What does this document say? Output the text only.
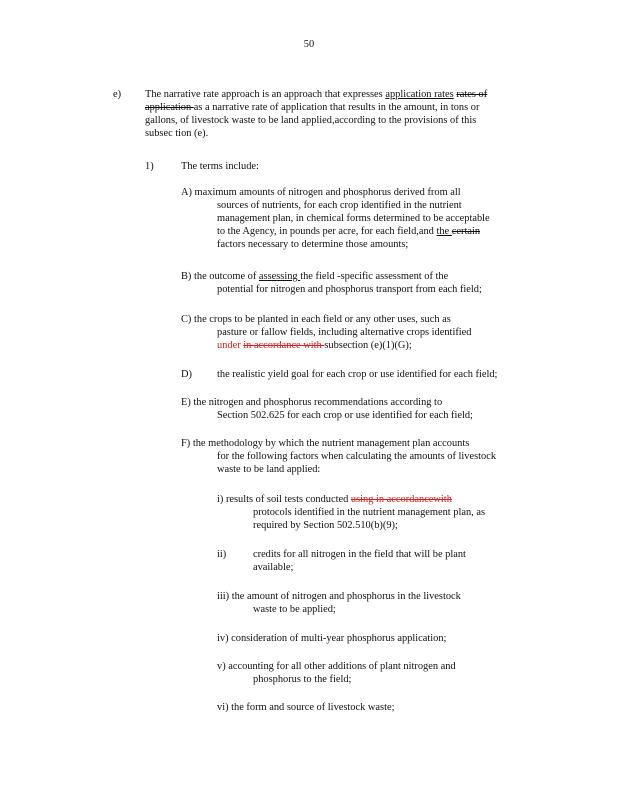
50
e) The narrative rate approach is an approach that expresses application rates rates of
application as a narrative rate of application that results in the amount, in tons or
gallons, of livestock waste to be land applied,according to the provisions of this
subsec tion (e).
1)	The terms include:
A) maximum amounts of nitrogen and phosphorus derived from all
sources of nutrients, for each crop identified in the nutrient
management plan, in chemical forms determined to be acceptable
to the Agency, in pounds per acre, for each field,and the certain
factors necessary to determine those amounts;
B) the outcome of assessing the field -specific assessment of the
potential for nitrogen and phosphorus transport from each field;
C) the crops to be planted in each field or any other uses, such as
pasture or fallow fields, including alternative crops identified
under in accordance with subsection (e)(1)(G);
D) the realistic yield goal for each crop or use identified for each field;
E) the nitrogen and phosphorus recommendations according to
Section 502.625 for each crop or use identified for each field;
F) the methodology by which the nutrient management plan accounts
for the following factors when calculating the amounts of livestock
waste to be land applied:
i) results of soil tests conducted using in accordancewith
protocols identified in the nutrient management plan, as
required by Section 502.510(b)(9);
ii)	credits for all nitrogen in the field that will be plant
available;
iii) the amount of nitrogen and phosphorus in the livestock
waste to be applied;
iv) consideration of multi-year phosphorus application;
v) accounting for all other additions of plant nitrogen and
phosphorus to the field;
vi) the form and source of livestock waste;
